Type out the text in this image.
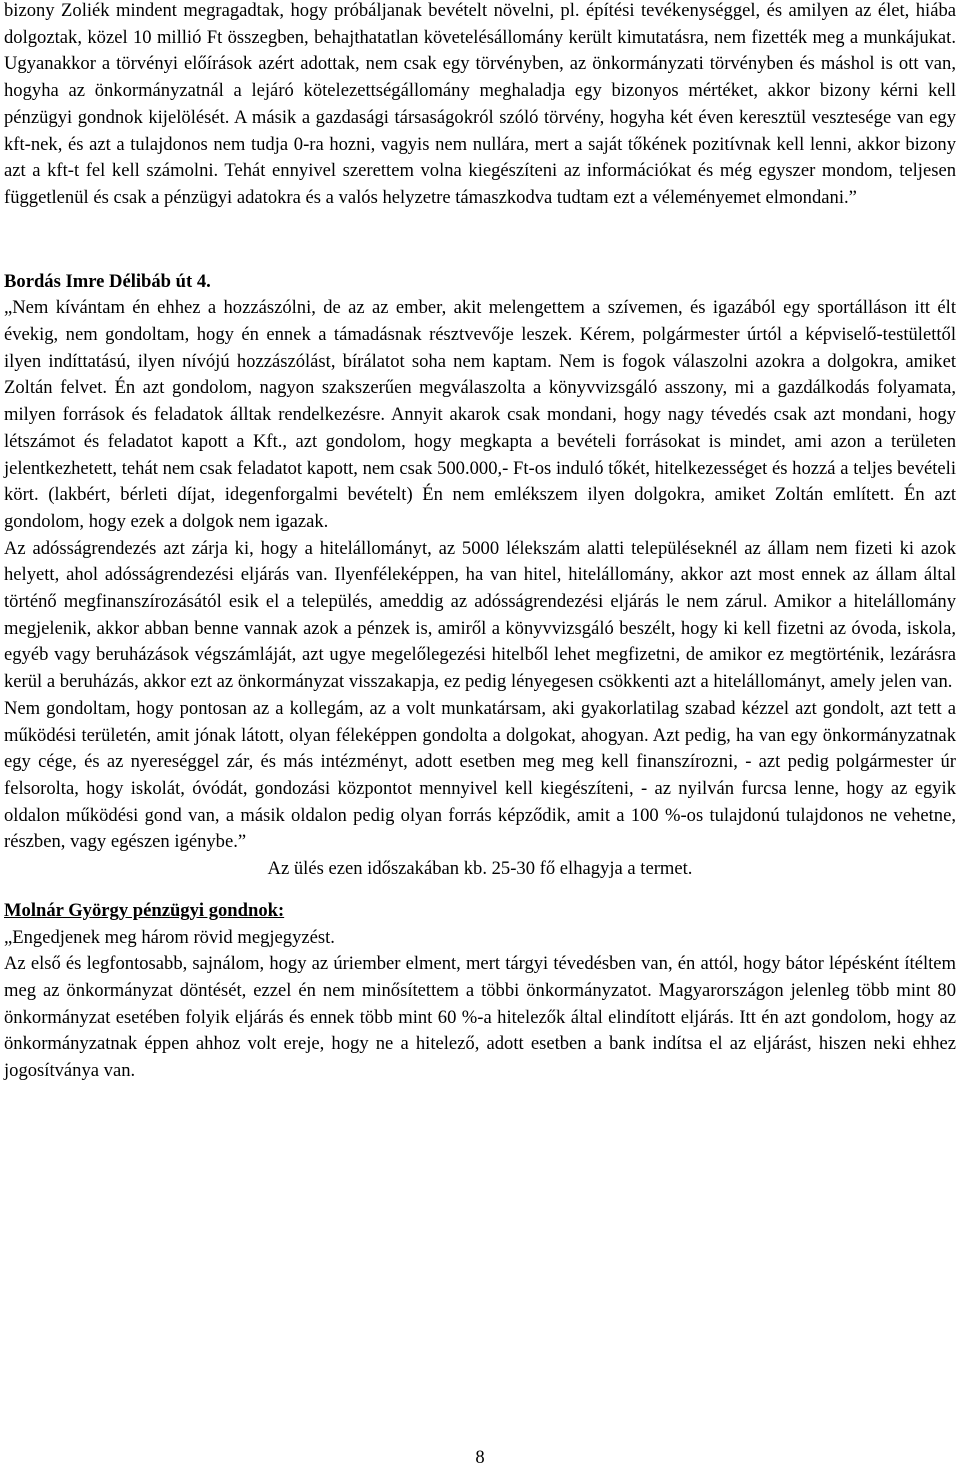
bizony Zoliék mindent megragadtak, hogy próbáljanak bevételt növelni, pl. építési tevékenységgel, és amilyen az élet, hiába dolgoztak, közel 10 millió Ft összegben, behajthatatlan követelésállomány került kimutatásra, nem fizették meg a munkájukat. Ugyanakkor a törvényi előírások azért adottak, nem csak egy törvényben, az önkormányzati törvényben és máshol is ott van, hogyha az önkormányzatnál a lejáró kötelezettségállomány meghaladja egy bizonyos mértéket, akkor bizony kérni kell pénzügyi gondnok kijelölését. A másik a gazdasági társaságokról szóló törvény, hogyha két éven keresztül vesztesége van egy kft-nek, és azt a tulajdonos nem tudja 0-ra hozni, vagyis nem nullára, mert a saját tőkének pozitívnak kell lenni, akkor bizony azt a kft-t fel kell számolni. Tehát ennyivel szerettem volna kiegészíteni az információkat és még egyszer mondom, teljesen függetlenül és csak a pénzügyi adatokra és a valós helyzetre támaszkodva tudtam ezt a véleményemet elmondani.”

Bordás Imre Délibáb út 4.

„Nem kívántam én ehhez a hozzászólni, de az az ember, akit melengettem a szívemen, és igazából egy sportálláson itt élt évekig, nem gondoltam, hogy én ennek a támadásnak résztvevője leszek. Kérem, polgármester úrtól a képviselő-testülettől ilyen indíttatású, ilyen nívójú hozzászólást, bírálatot soha nem kaptam. Nem is fogok válaszolni azokra a dolgokra, amiket Zoltán felvet. Én azt gondolom, nagyon szakszerűen megválaszolta a könyvvizsgáló asszony, mi a gazdálkodás folyamata, milyen források és feladatok álltak rendelkezésre. Annyit akarok csak mondani, hogy nagy tévedés csak azt mondani, hogy létszámot és feladatot kapott a Kft., azt gondolom, hogy megkapta a bevételi forrásokat is mindet, ami azon a területen jelentkezhetett, tehát nem csak feladatot kapott, nem csak 500.000,- Ft-os induló tőkét, hitelkezességet és hozzá a teljes bevételi kört. (lakbért, bérleti díjat, idegenforgalmi bevételt) Én nem emlékszem ilyen dolgokra, amiket Zoltán említett. Én azt gondolom, hogy ezek a dolgok nem igazak.

Az adósságrendezés azt zárja ki, hogy a hitelállományt, az 5000 lélekszám alatti településeknél az állam nem fizeti ki azok helyett, ahol adósságrendezési eljárás van. Ilyenféleképpen, ha van hitel, hitelállomány, akkor azt most ennek az állam által történő megfinanszírozásától esik el a település, ameddig az adósságrendezési eljárás le nem zárul. Amikor a hitelállomány megjelenik, akkor abban benne vannak azok a pénzek is, amiről a könyvvizsgáló beszélt, hogy ki kell fizetni az óvoda, iskola, egyéb vagy beruházások végszámláját, azt ugye megelőlegezési hitelből lehet megfizetni, de amikor ez megtörténik, lezárásra kerül a beruházás, akkor ezt az önkormányzat visszakapja, ez pedig lényegesen csökkenti azt a hitelállományt, amely jelen van.

Nem gondoltam, hogy pontosan az a kollegám, az a volt munkatársam, aki gyakorlatilag szabad kézzel azt gondolt, azt tett a működési területén, amit jónak látott, olyan féleképpen gondolta a dolgokat, ahogyan. Azt pedig, ha van egy önkormányzatnak egy cége, és az nyereséggel zár, és más intézményt, adott esetben meg meg kell finanszírozni, - azt pedig polgármester úr felsorolta, hogy iskolát, óvódát, gondozási központot mennyivel kell kiegészíteni, - az nyilván furcsa lenne, hogy az egyik oldalon működési gond van, a másik oldalon pedig olyan forrás képződik, amit a 100 %-os tulajdonú tulajdonos ne vehetne, részben, vagy egészen igénybe.”

Az ülés ezen időszakában kb. 25-30 fő elhagyja a termet.

Molnár György pénzügyi gondnok:

„Engedjenek meg három rövid megjegyzést.

Az első és legfontosabb, sajnálom, hogy az úriember elment, mert tárgyi tévedésben van, én attól, hogy bátor lépésként ítéltem meg az önkormányzat döntését, ezzel én nem minősítettem a többi önkormányzatot. Magyarországon jelenleg több mint 80 önkormányzat esetében folyik eljárás és ennek több mint 60 %-a hitelezők által elindított eljárás. Itt én azt gondolom, hogy az önkormányzatnak éppen ahhoz volt ereje, hogy ne a hitelező, adott esetben a bank indítsa el az eljárást, hiszen neki ehhez jogosítványa van.

8
